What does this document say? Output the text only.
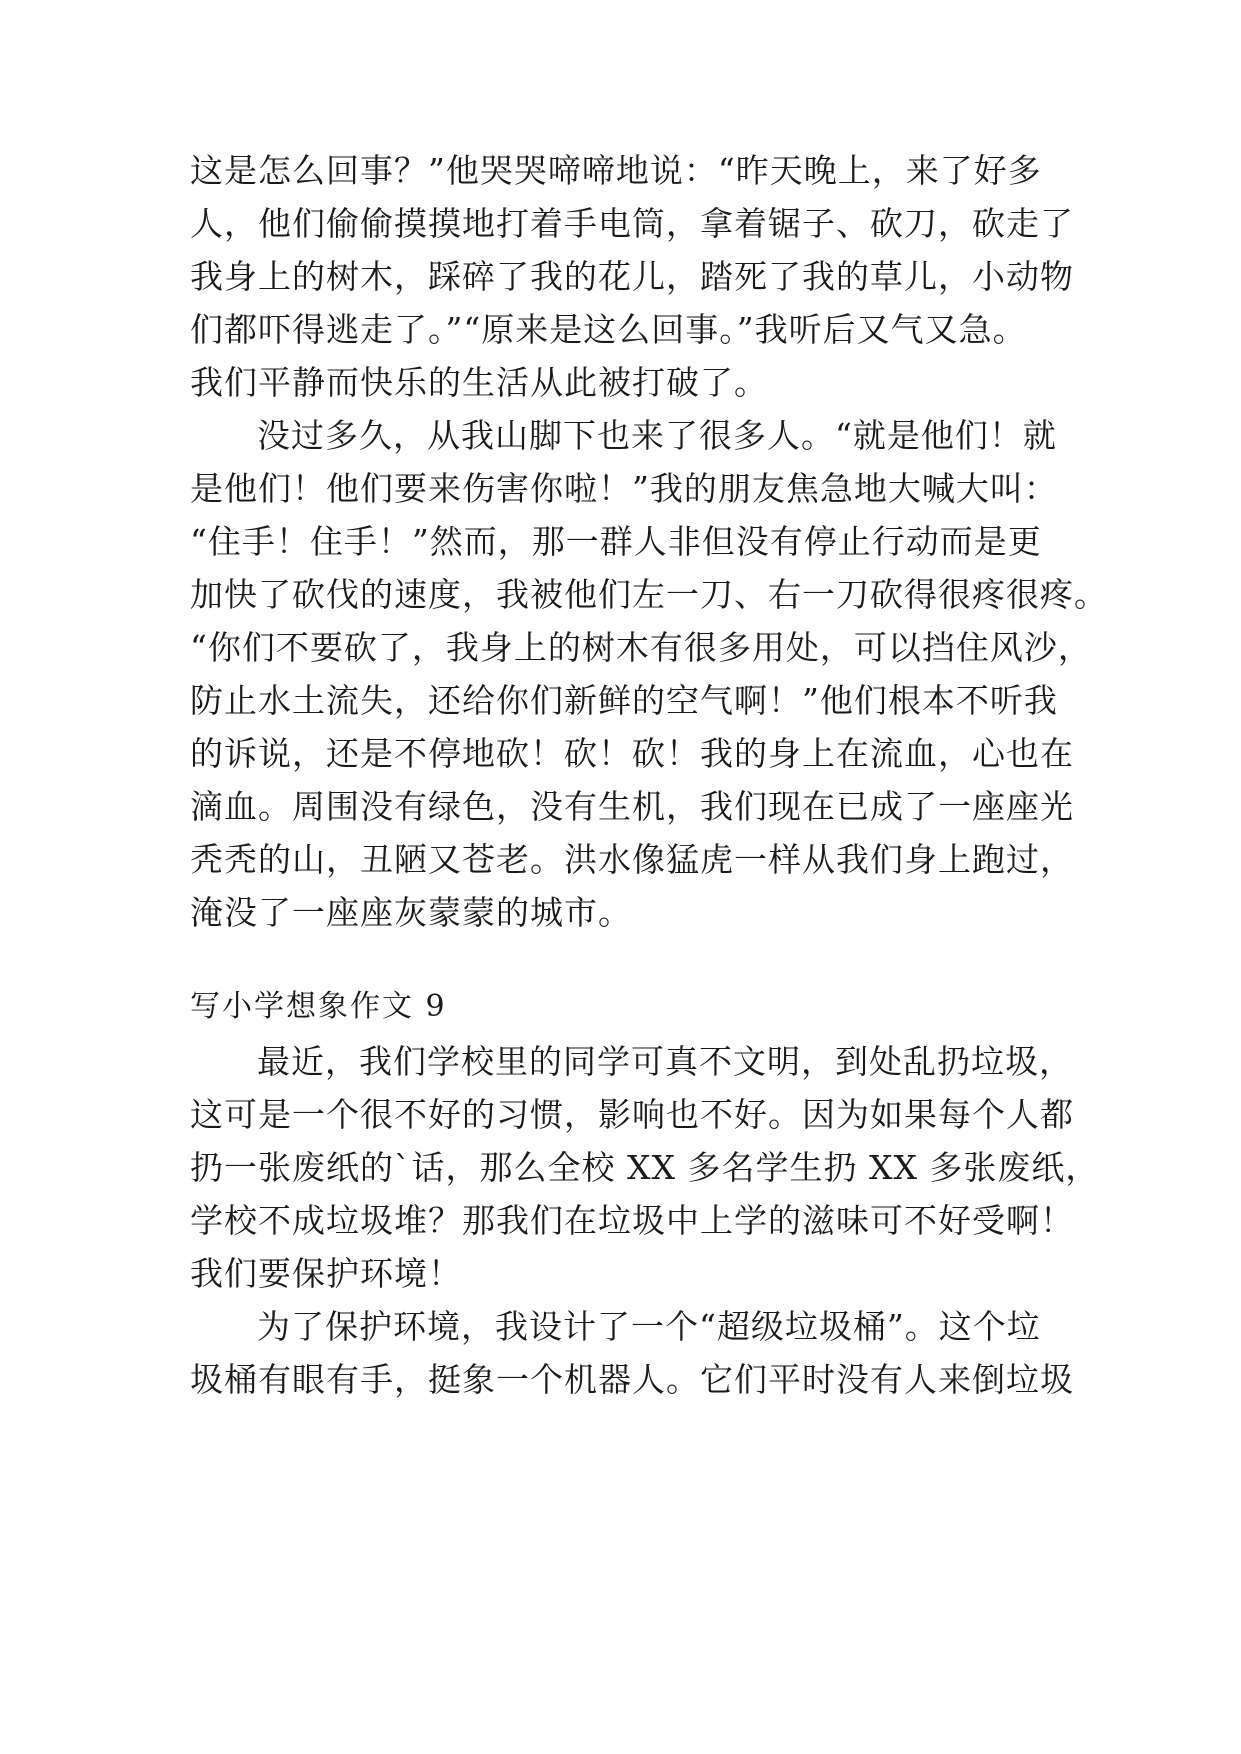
这是怎么回事？”他哭哭啼啼地说：“昨天晚上，来了好多
人，他们偷偷摸摸地打着手电筒，拿着锯子、砍刀，砍走了
我身上的树木，踩碎了我的花儿，踏死了我的草儿，小动物
们都吓得逃走了。”“原来是这么回事。”我听后又气又急。
我们平静而快乐的生活从此被打破了。
没过多久，从我山脚下也来了很多人。“就是他们！就
是他们！他们要来伤害你啦！”我的朋友焦急地大喊大叫：
“住手！住手！”然而，那一群人非但没有停止行动而是更
加快了砍伐的速度，我被他们左一刀、右一刀砍得很疼很疼。
“你们不要砍了，我身上的树木有很多用处，可以挡住风沙，
防止水土流失，还给你们新鲜的空气啊！”他们根本不听我
的诉说，还是不停地砍！砍！砍！我的身上在流血，心也在
滴血。周围没有绿色，没有生机，我们现在已成了一座座光
秃秃的山，丑陋又苍老。洪水像猛虎一样从我们身上跑过，
淹没了一座座灰蒙蒙的城市。
写小学想象作文 9
最近，我们学校里的同学可真不文明，到处乱扔垃圾，
这可是一个很不好的习惯，影响也不好。因为如果每个人都
扔一张废纸的`话，那么全校 XX 多名学生扔 XX 多张废纸，
学校不成垃圾堆？那我们在垃圾中上学的滋味可不好受啊！
我们要保护环境！
为了保护环境，我设计了一个“超级垃圾桶”。这个垃
圾桶有眼有手，挺象一个机器人。它们平时没有人来倒垃圾
